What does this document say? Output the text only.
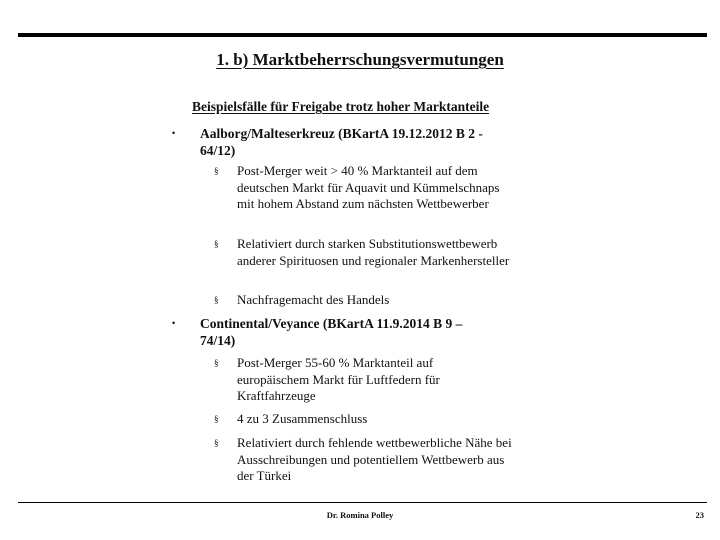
1. b) Marktbeherrschungsvermutungen
Beispielsfälle für Freigabe trotz hoher Marktanteile
• Aalborg/Malteserkreuz (BKartA 19.12.2012 B 2 -
64/12)
§ Post-Merger weit > 40 % Marktanteil auf dem deutschen Markt für Aquavit und Kümmelschnaps mit hohem Abstand zum nächsten Wettbewerber
§ Relativiert durch starken Substitutionswettbewerb anderer Spirituosen und regionaler Markenhersteller
§ Nachfragemacht des Handels
• Continental/Veyance (BKartA 11.9.2014 B 9 –
74/14)
§ Post-Merger 55-60 % Marktanteil auf europäischem Markt für Luftfedern für Kraftfahrzeuge
§ 4 zu 3 Zusammenschluss
§ Relativiert durch fehlende wettbewerbliche Nähe bei Ausschreibungen und potentiellem Wettbewerb aus der Türkei
Dr. Romina Polley	23
